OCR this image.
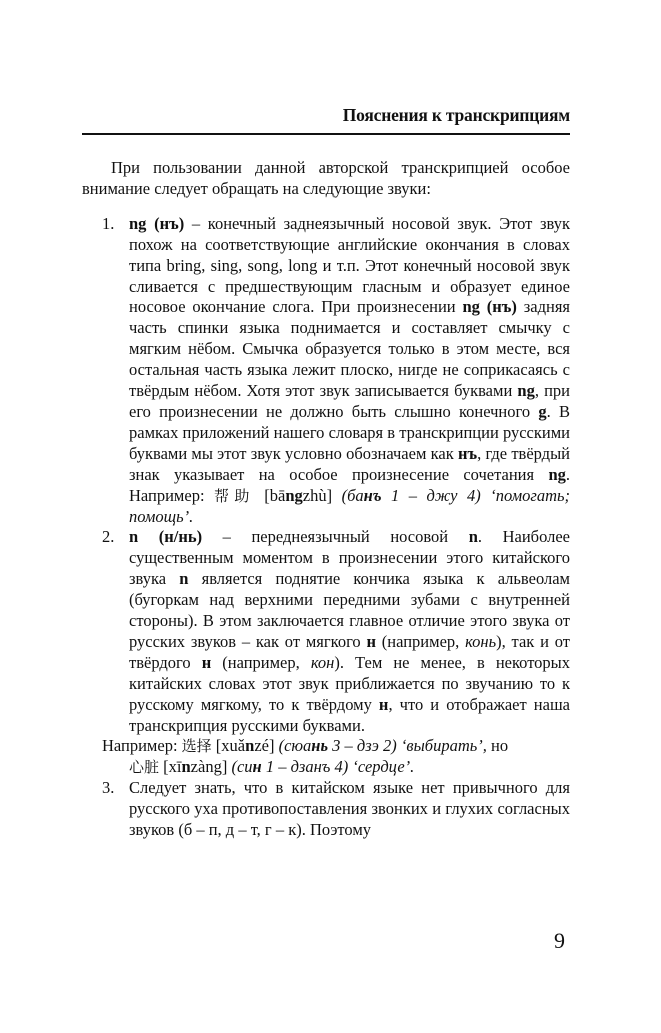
Пояснения к транскрипциям

При пользовании данной авторской транскрипцией особое внимание следует обращать на следующие звуки:

1. ng (нъ) – конечный заднеязычный носовой звук. Этот звук похож на соответствующие английские окончания в словах типа bring, sing, song, long и т.п. Этот конечный носовой звук сливается с предшествующим гласным и образует единое носовое окончание слога. При произнесении ng (нъ) задняя часть спинки языка поднимается и составляет смычку с мягким нёбом. Смычка образуется только в этом месте, вся остальная часть языка лежит плоско, нигде не соприкасаясь с твёрдым нёбом. Хотя этот звук записывается буквами ng, при его произнесении не должно быть слышно конечного g. В рамках приложений нашего словаря в транскрипции русскими буквами мы этот звук условно обозначаем как нъ, где твёрдый знак указывает на особое произнесение сочетания ng. Например: 帮助 [bāngzhù] (банъ 1 – джу 4) ‘помогать; помощь’.
2. n (н/нь) – переднеязычный носовой n. Наиболее существенным моментом в произнесении этого китайского звука n является поднятие кончика языка к альвеолам (бугоркам над верхними передними зубами с внутренней стороны). В этом заключается главное отличие этого звука от русских звуков – как от мягкого н (например, конь), так и от твёрдого н (например, кон). Тем не менее, в некоторых китайских словах этот звук приближается по звучанию то к русскому мягкому, то к твёрдому н, что и отображает наша транскрипция русскими буквами.

Например: 选择 [xuǎnzé] (сюань 3 – дзэ 2) ‘выбирать’, но
心脏 [xīnzàng] (син 1 – дзанъ 4) ‘сердце’.

3. Следует знать, что в китайском языке нет привычного для русского уха противопоставления звонких и глухих согласных звуков (б – п, д – т, г – к). Поэтому
9
